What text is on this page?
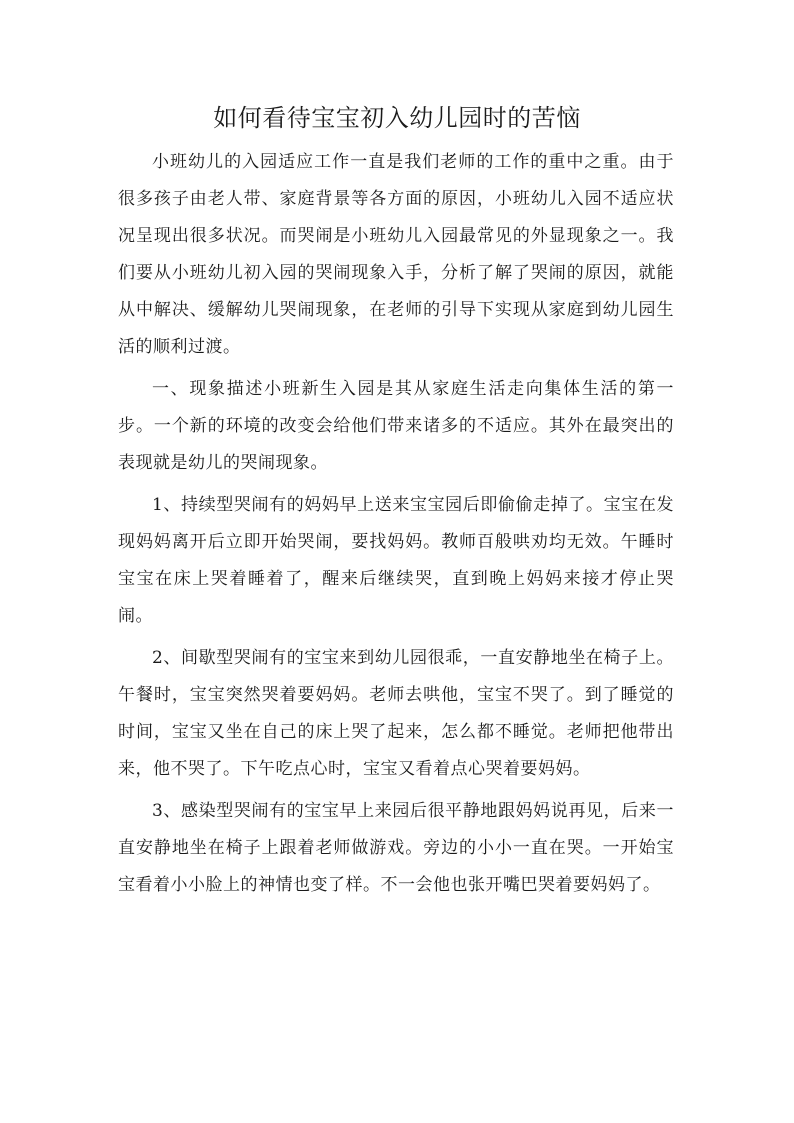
如何看待宝宝初入幼儿园时的苦恼

小班幼儿的入园适应工作一直是我们老师的工作的重中之重。由于很多孩子由老人带、家庭背景等各方面的原因，小班幼儿入园不适应状况呈现出很多状况。而哭闹是小班幼儿入园最常见的外显现象之一。我们要从小班幼儿初入园的哭闹现象入手，分析了解了哭闹的原因，就能从中解决、缓解幼儿哭闹现象，在老师的引导下实现从家庭到幼儿园生活的顺利过渡。

一、现象描述小班新生入园是其从家庭生活走向集体生活的第一步。一个新的环境的改变会给他们带来诸多的不适应。其外在最突出的表现就是幼儿的哭闹现象。

1、持续型哭闹有的妈妈早上送来宝宝园后即偷偷走掉了。宝宝在发现妈妈离开后立即开始哭闹，要找妈妈。教师百般哄劝均无效。午睡时宝宝在床上哭着睡着了，醒来后继续哭，直到晚上妈妈来接才停止哭闹。

2、间歇型哭闹有的宝宝来到幼儿园很乖，一直安静地坐在椅子上。午餐时，宝宝突然哭着要妈妈。老师去哄他，宝宝不哭了。到了睡觉的时间，宝宝又坐在自己的床上哭了起来，怎么都不睡觉。老师把他带出来，他不哭了。下午吃点心时，宝宝又看着点心哭着要妈妈。

3、感染型哭闹有的宝宝早上来园后很平静地跟妈妈说再见，后来一直安静地坐在椅子上跟着老师做游戏。旁边的小小一直在哭。一开始宝宝看着小小脸上的神情也变了样。不一会他也张开嘴巴哭着要妈妈了。
